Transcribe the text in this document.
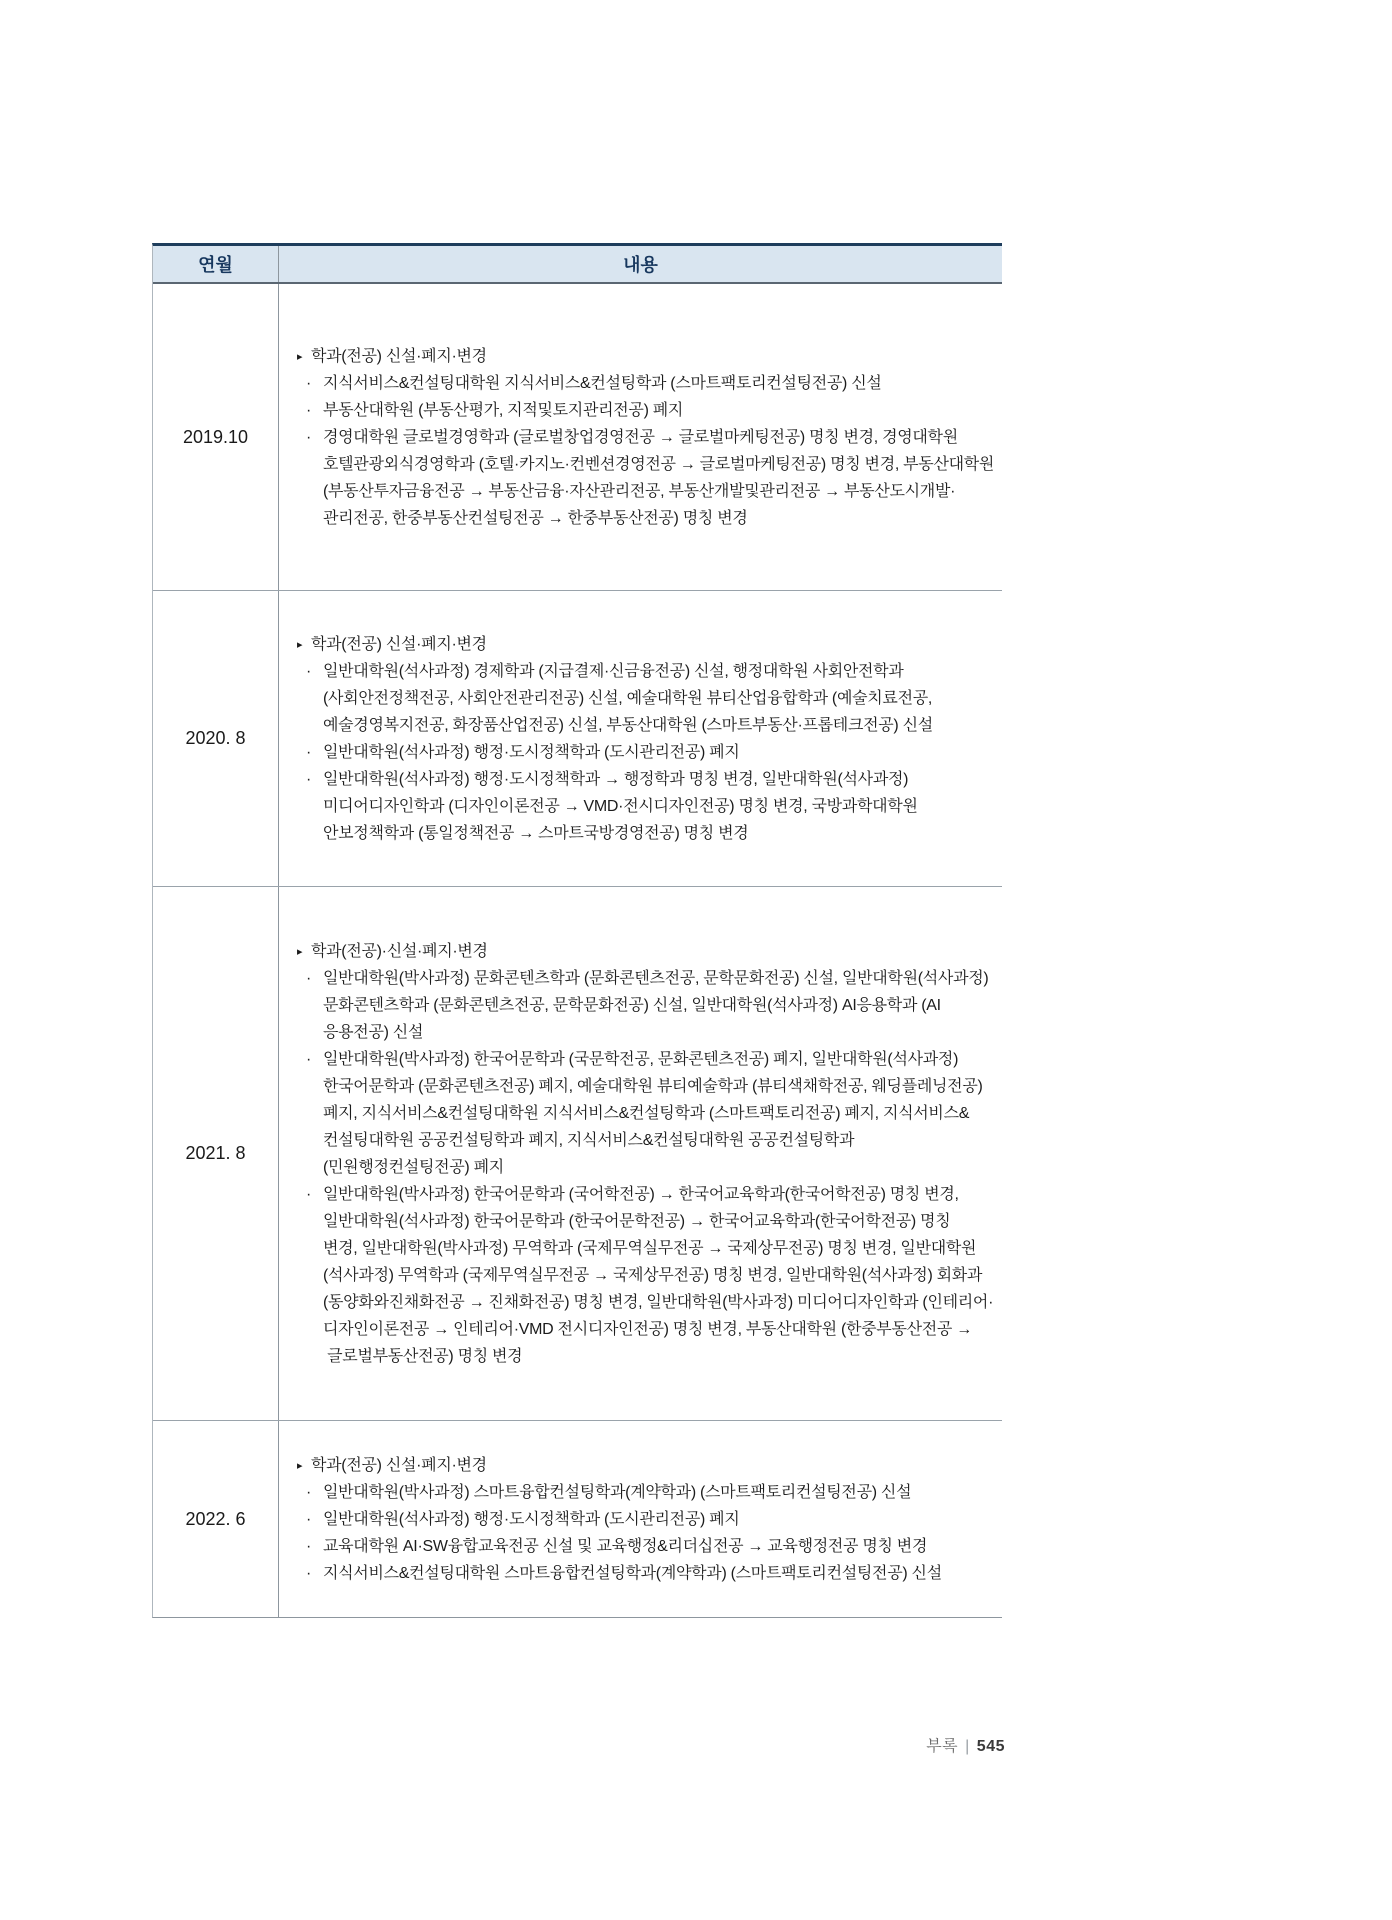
연월	내용
2019.10
▸ 학과(전공) 신설·폐지·변경
· 지식서비스&컨설팅대학원 지식서비스&컨설팅학과 (스마트팩토리컨설팅전공) 신설
· 부동산대학원 (부동산평가, 지적및토지관리전공) 폐지
· 경영대학원 글로벌경영학과 (글로벌창업경영전공 → 글로벌마케팅전공) 명칭 변경, 경영대학원
호텔관광외식경영학과 (호텔·카지노·컨벤션경영전공 → 글로벌마케팅전공) 명칭 변경, 부동산대학원
(부동산투자금융전공 → 부동산금융·자산관리전공, 부동산개발및관리전공 → 부동산도시개발·
관리전공, 한중부동산컨설팅전공 → 한중부동산전공) 명칭 변경
2020. 8
▸ 학과(전공) 신설·폐지·변경
· 일반대학원(석사과정) 경제학과 (지급결제·신금융전공) 신설, 행정대학원 사회안전학과
(사회안전정책전공, 사회안전관리전공) 신설, 예술대학원 뷰티산업융합학과 (예술치료전공,
예술경영복지전공, 화장품산업전공) 신설, 부동산대학원 (스마트부동산·프롭테크전공) 신설
· 일반대학원(석사과정) 행정·도시정책학과 (도시관리전공) 폐지
· 일반대학원(석사과정) 행정·도시정책학과 → 행정학과 명칭 변경, 일반대학원(석사과정)
미디어디자인학과 (디자인이론전공 → VMD·전시디자인전공) 명칭 변경, 국방과학대학원
안보정책학과 (통일정책전공 → 스마트국방경영전공) 명칭 변경
2021. 8
▸ 학과(전공)·신설·폐지·변경
· 일반대학원(박사과정) 문화콘텐츠학과 (문화콘텐츠전공, 문학문화전공) 신설, 일반대학원(석사과정)
문화콘텐츠학과 (문화콘텐츠전공, 문학문화전공) 신설, 일반대학원(석사과정) AI응용학과 (AI
응용전공) 신설
· 일반대학원(박사과정) 한국어문학과 (국문학전공, 문화콘텐츠전공) 폐지, 일반대학원(석사과정)
한국어문학과 (문화콘텐츠전공) 폐지, 예술대학원 뷰티예술학과 (뷰티색채학전공, 웨딩플레닝전공)
폐지, 지식서비스&컨설팅대학원 지식서비스&컨설팅학과 (스마트팩토리전공) 폐지, 지식서비스&
컨설팅대학원 공공컨설팅학과 폐지, 지식서비스&컨설팅대학원 공공컨설팅학과
(민원행정컨설팅전공) 폐지
· 일반대학원(박사과정) 한국어문학과 (국어학전공) → 한국어교육학과(한국어학전공) 명칭 변경,
일반대학원(석사과정) 한국어문학과 (한국어문학전공) → 한국어교육학과(한국어학전공) 명칭
변경, 일반대학원(박사과정) 무역학과 (국제무역실무전공 → 국제상무전공) 명칭 변경, 일반대학원
(석사과정) 무역학과 (국제무역실무전공 → 국제상무전공) 명칭 변경, 일반대학원(석사과정) 회화과
(동양화와진채화전공 → 진채화전공) 명칭 변경, 일반대학원(박사과정) 미디어디자인학과 (인테리어·
디자인이론전공 → 인테리어·VMD 전시디자인전공) 명칭 변경, 부동산대학원 (한중부동산전공 →
글로벌부동산전공) 명칭 변경
2022. 6
▸ 학과(전공) 신설·폐지·변경
· 일반대학원(박사과정) 스마트융합컨설팅학과(계약학과) (스마트팩토리컨설팅전공) 신설
· 일반대학원(석사과정) 행정·도시정책학과 (도시관리전공) 폐지
· 교육대학원 AI·SW융합교육전공 신설 및 교육행정&리더십전공 → 교육행정전공 명칭 변경
· 지식서비스&컨설팅대학원 스마트융합컨설팅학과(계약학과) (스마트팩토리컨설팅전공) 신설
부록 | 545
